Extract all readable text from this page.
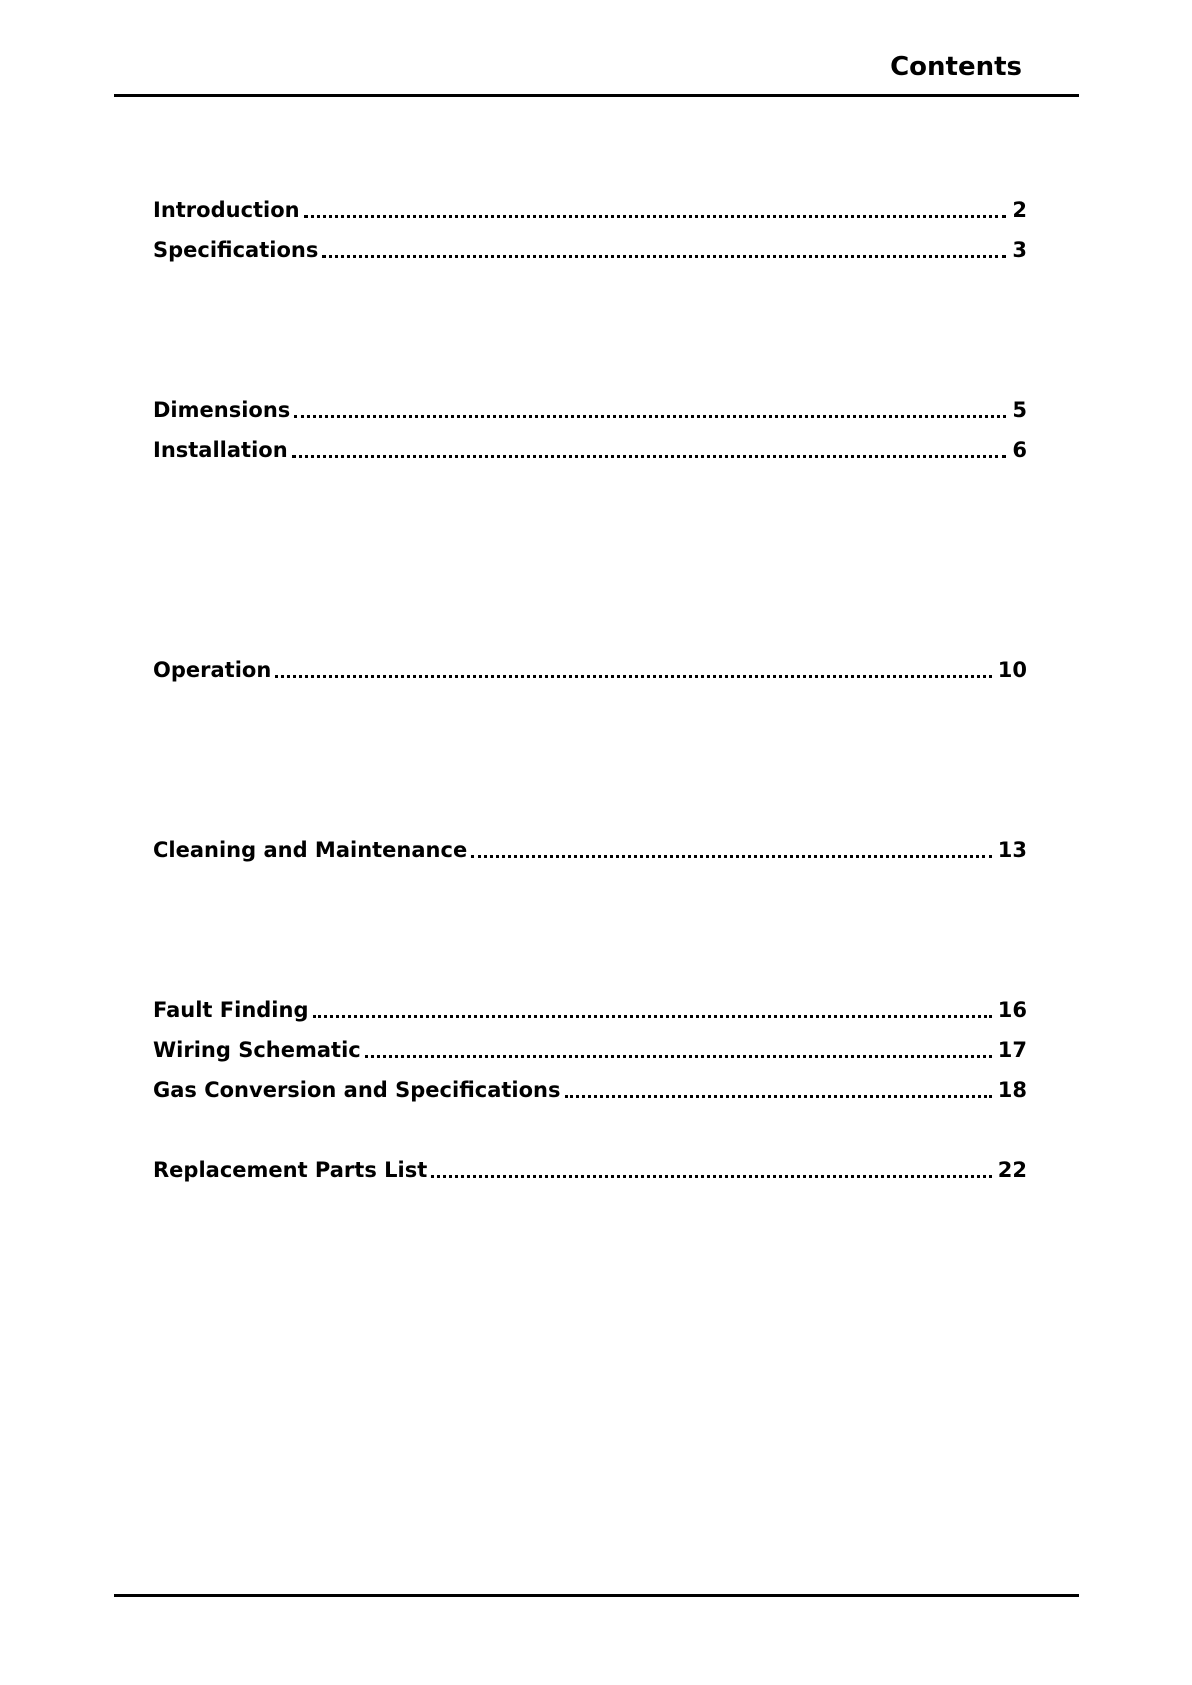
Contents
Introduction	2
Specifications	3
Dimensions	5
Installation	6
Operation	10
Cleaning and Maintenance	13
Fault Finding	16
Wiring Schematic	17
Gas Conversion and Specifications	18
Replacement Parts List	22
